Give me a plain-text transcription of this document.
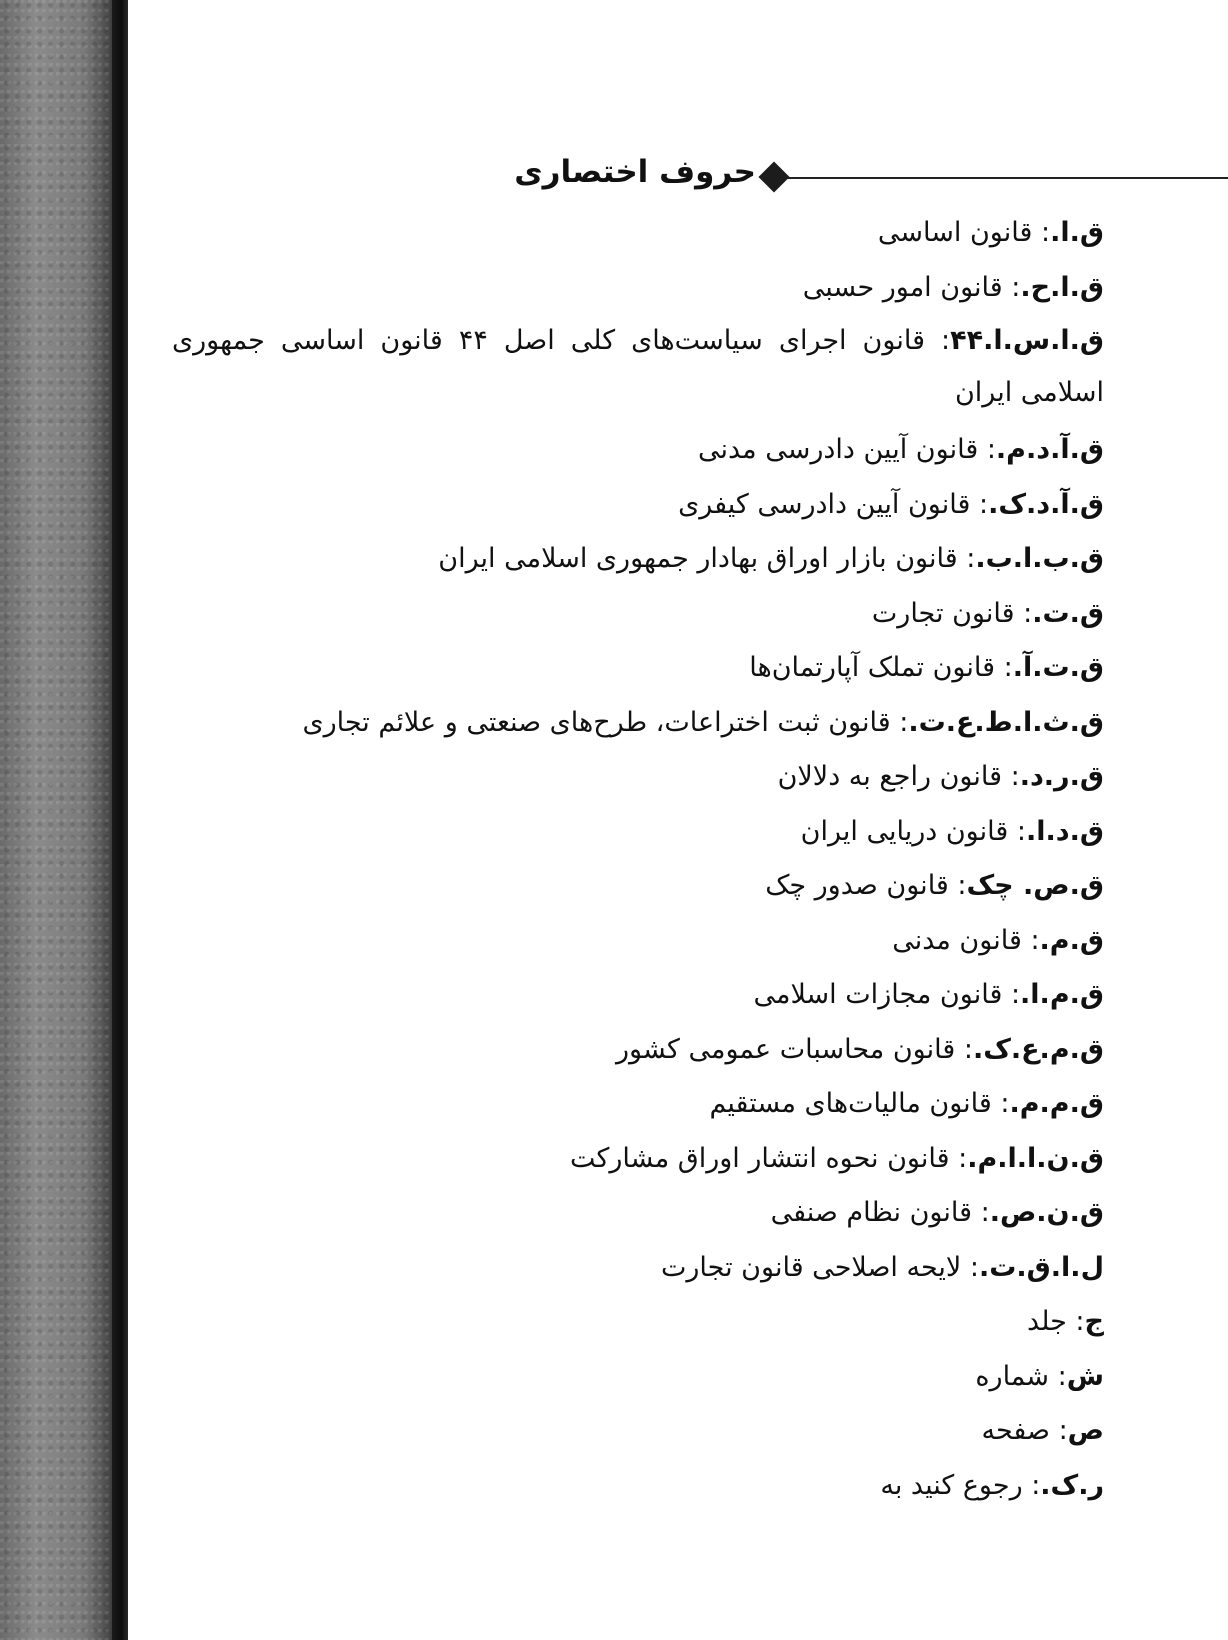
حروف اختصاری
ق.ا.: قانون اساسی
ق.ا.ح.: قانون امور حسبی
ق.ا.س.ا.۴۴: قانون اجرای سیاست‌های کلی اصل ۴۴ قانون اساسی جمهوری اسلامی ایران
ق.آ.د.م.: قانون آیین دادرسی مدنی
ق.آ.د.ک.: قانون آیین دادرسی کیفری
ق.ب.ا.ب.: قانون بازار اوراق بهادار جمهوری اسلامی ایران
ق.ت.: قانون تجارت
ق.ت.آ.: قانون تملک آپارتمان‌ها
ق.ث.ا.ط.ع.ت.: قانون ثبت اختراعات، طرح‌های صنعتی و علائم تجاری
ق.ر.د.: قانون راجع به دلالان
ق.د.ا.: قانون دریایی ایران
ق.ص. چک: قانون صدور چک
ق.م.: قانون مدنی
ق.م.ا.: قانون مجازات اسلامی
ق.م.ع.ک.: قانون محاسبات عمومی کشور
ق.م.م.: قانون مالیات‌های مستقیم
ق.ن.ا.ا.م.: قانون نحوه انتشار اوراق مشارکت
ق.ن.ص.: قانون نظام صنفی
ل.ا.ق.ت.: لایحه اصلاحی قانون تجارت
ج: جلد
ش: شماره
ص: صفحه
ر.ک.: رجوع کنید به
